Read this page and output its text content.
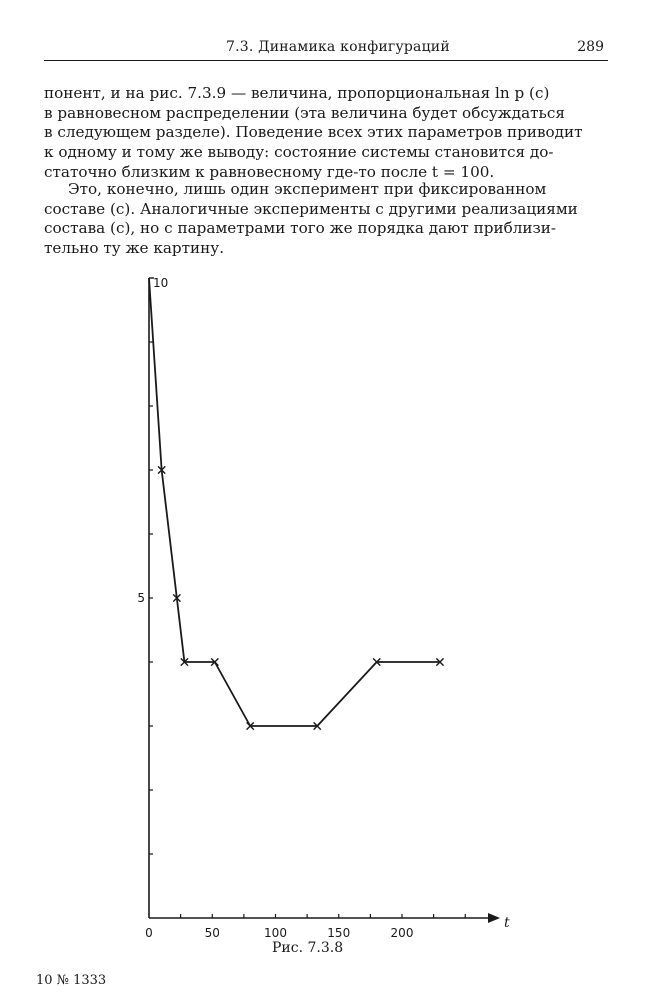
7.3. Динамика конфигураций	289
понент, и на рис. 7.3.9 — величина, пропорциональная ln p (c)
в равновесном распределении (эта величина будет обсуждаться
в следующем разделе). Поведение всех этих параметров приводит
к одному и тому же выводу: состояние системы становится до-
статочно близким к равновесному где-то после t = 100.
Это, конечно, лишь один эксперимент при фиксированном
составе (c). Аналогичные эксперименты с другими реализациями
состава (c), но с параметрами того же порядка дают приблизи-
тельно ту же картину.
0	50	100	150	200
5
10
t
Рис. 7.3.8
10 № 1333
